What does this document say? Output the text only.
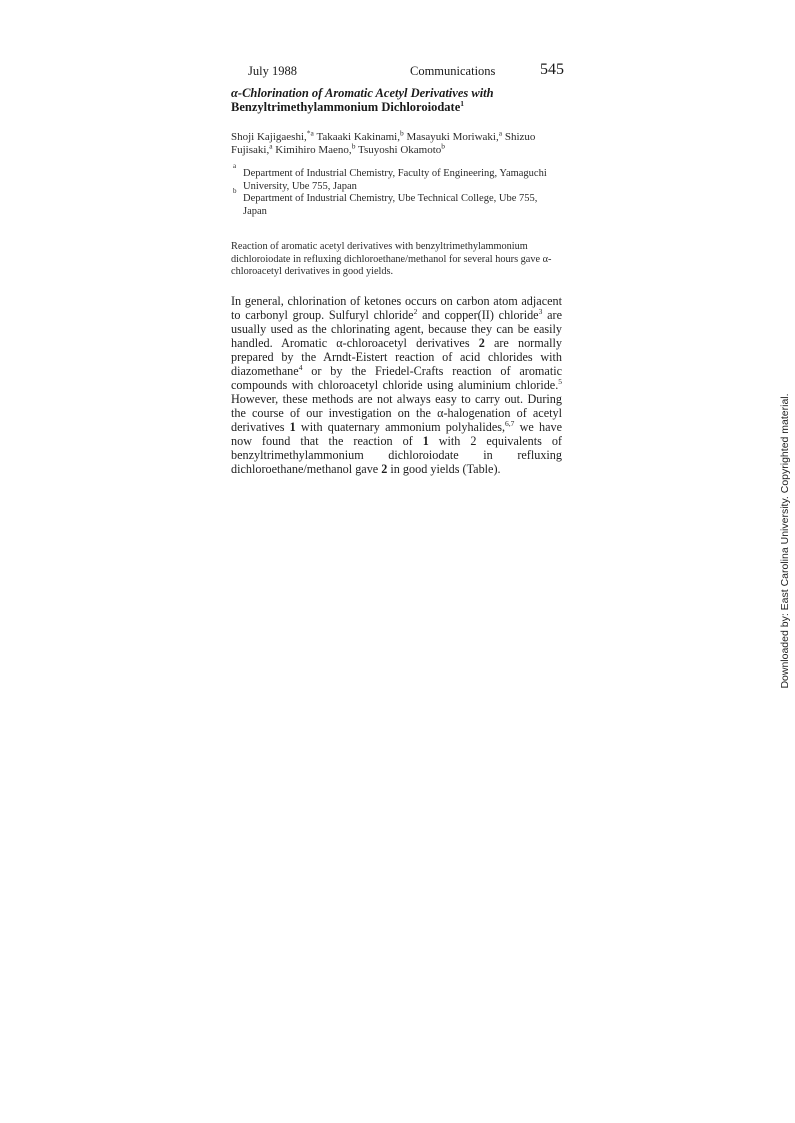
July 1988	Communications	545
α-Chlorination of Aromatic Acetyl Derivatives with
Benzyltrimethylammonium Dichloroiodate$^1$
Shoji Kajigaeshi,$^{*a}$ Takaaki Kakinami,$^b$ Masayuki Moriwaki,$^a$ Shizuo Fujisaki,$^a$ Kimihiro Maeno,$^b$ Tsuyoshi Okamoto$^b$
a
Department of Industrial Chemistry, Faculty of Engineering, Yamaguchi University, Ube 755, Japan
b
Department of Industrial Chemistry, Ube Technical College, Ube 755, Japan
Reaction of aromatic acetyl derivatives with benzyltrimethylammonium dichloroiodate in refluxing dichloroethane/methanol for several hours gave α-chloroacetyl derivatives in good yields.
In general, chlorination of ketones occurs on carbon atom adjacent to carbonyl group. Sulfuryl chloride$^2$ and copper(II) chloride$^3$ are usually used as the chlorinating agent, because they can be easily handled. Aromatic α-chloroacetyl derivatives 2 are normally prepared by the Arndt-Eistert reaction of acid chlorides with diazomethane$^4$ or by the Friedel-Crafts reaction of aromatic compounds with chloroacetyl chloride using aluminium chloride.$^5$ However, these methods are not always easy to carry out. During the course of our investigation on the α-halogenation of acetyl derivatives 1 with quaternary ammonium polyhalides,$^{6,7}$ we have now found that the reaction of 1 with 2 equivalents of benzyltrimethylammonium dichloroiodate in refluxing dichloroethane/methanol gave 2 in good yields (Table).	Downloaded by: East Carolina University. Copyrighted material.
